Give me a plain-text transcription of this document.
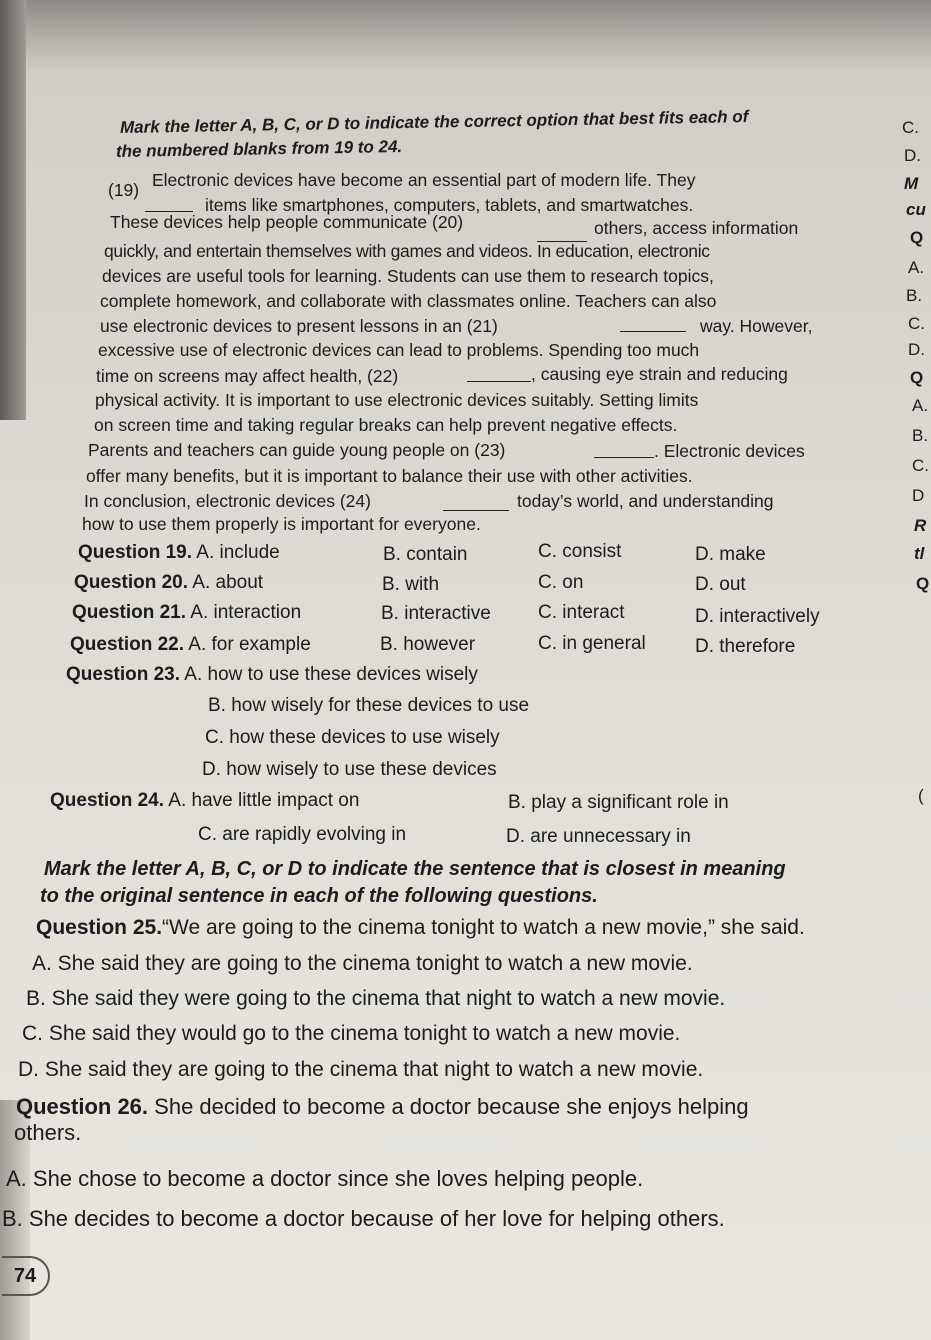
Mark the letter A, B, C, or D to indicate the correct option that best fits each of
the numbered blanks from 19 to 24.
Electronic devices have become an essential part of modern life. They
(19)
items like smartphones, computers, tablets, and smartwatches.
These devices help people communicate (20)	others, access information
quickly, and entertain themselves with games and videos. In education, electronic
devices are useful tools for learning. Students can use them to research topics,
complete homework, and collaborate with classmates online. Teachers can also
use electronic devices to present lessons in an (21)	way. However,
excessive use of electronic devices can lead to problems. Spending too much
time on screens may affect health, (22)	, causing eye strain and reducing
physical activity. It is important to use electronic devices suitably. Setting limits
on screen time and taking regular breaks can help prevent negative effects.
Parents and teachers can guide young people on (23)	. Electronic devices
offer many benefits, but it is important to balance their use with other activities.
In conclusion, electronic devices (24)	today’s world, and understanding
how to use them properly is important for everyone.
Question 19. A. include	B. contain	C. consist	D. make
Question 20. A. about	B. with	C. on	D. out
Question 21. A. interaction	B. interactive C. interact	D. interactively
Question 22. A. for example	B. however	C. in general	D. therefore
Question 23. A. how to use these devices wisely
B. how wisely for these devices to use
C. how these devices to use wisely
D. how wisely to use these devices
Question 24. A. have little impact on	B. play a significant role in
C. are rapidly evolving in	D. are unnecessary in
Mark the letter A, B, C, or D to indicate the sentence that is closest in meaning
to the original sentence in each of the following questions.
Question 25.“We are going to the cinema tonight to watch a new movie,” she said.
A. She said they are going to the cinema tonight to watch a new movie.
B. She said they were going to the cinema that night to watch a new movie.
C. She said they would go to the cinema tonight to watch a new movie.
D. She said they are going to the cinema that night to watch a new movie.
Question 26. She decided to become a doctor because she enjoys helping
others.
A. She chose to become a doctor since she loves helping people.
B. She decides to become a doctor because of her love for helping others.
74
C.
D.
M
cu
Q
A.
B.
C.
D.
Q
A.
B.
C.
D
R
tl
Q
(
